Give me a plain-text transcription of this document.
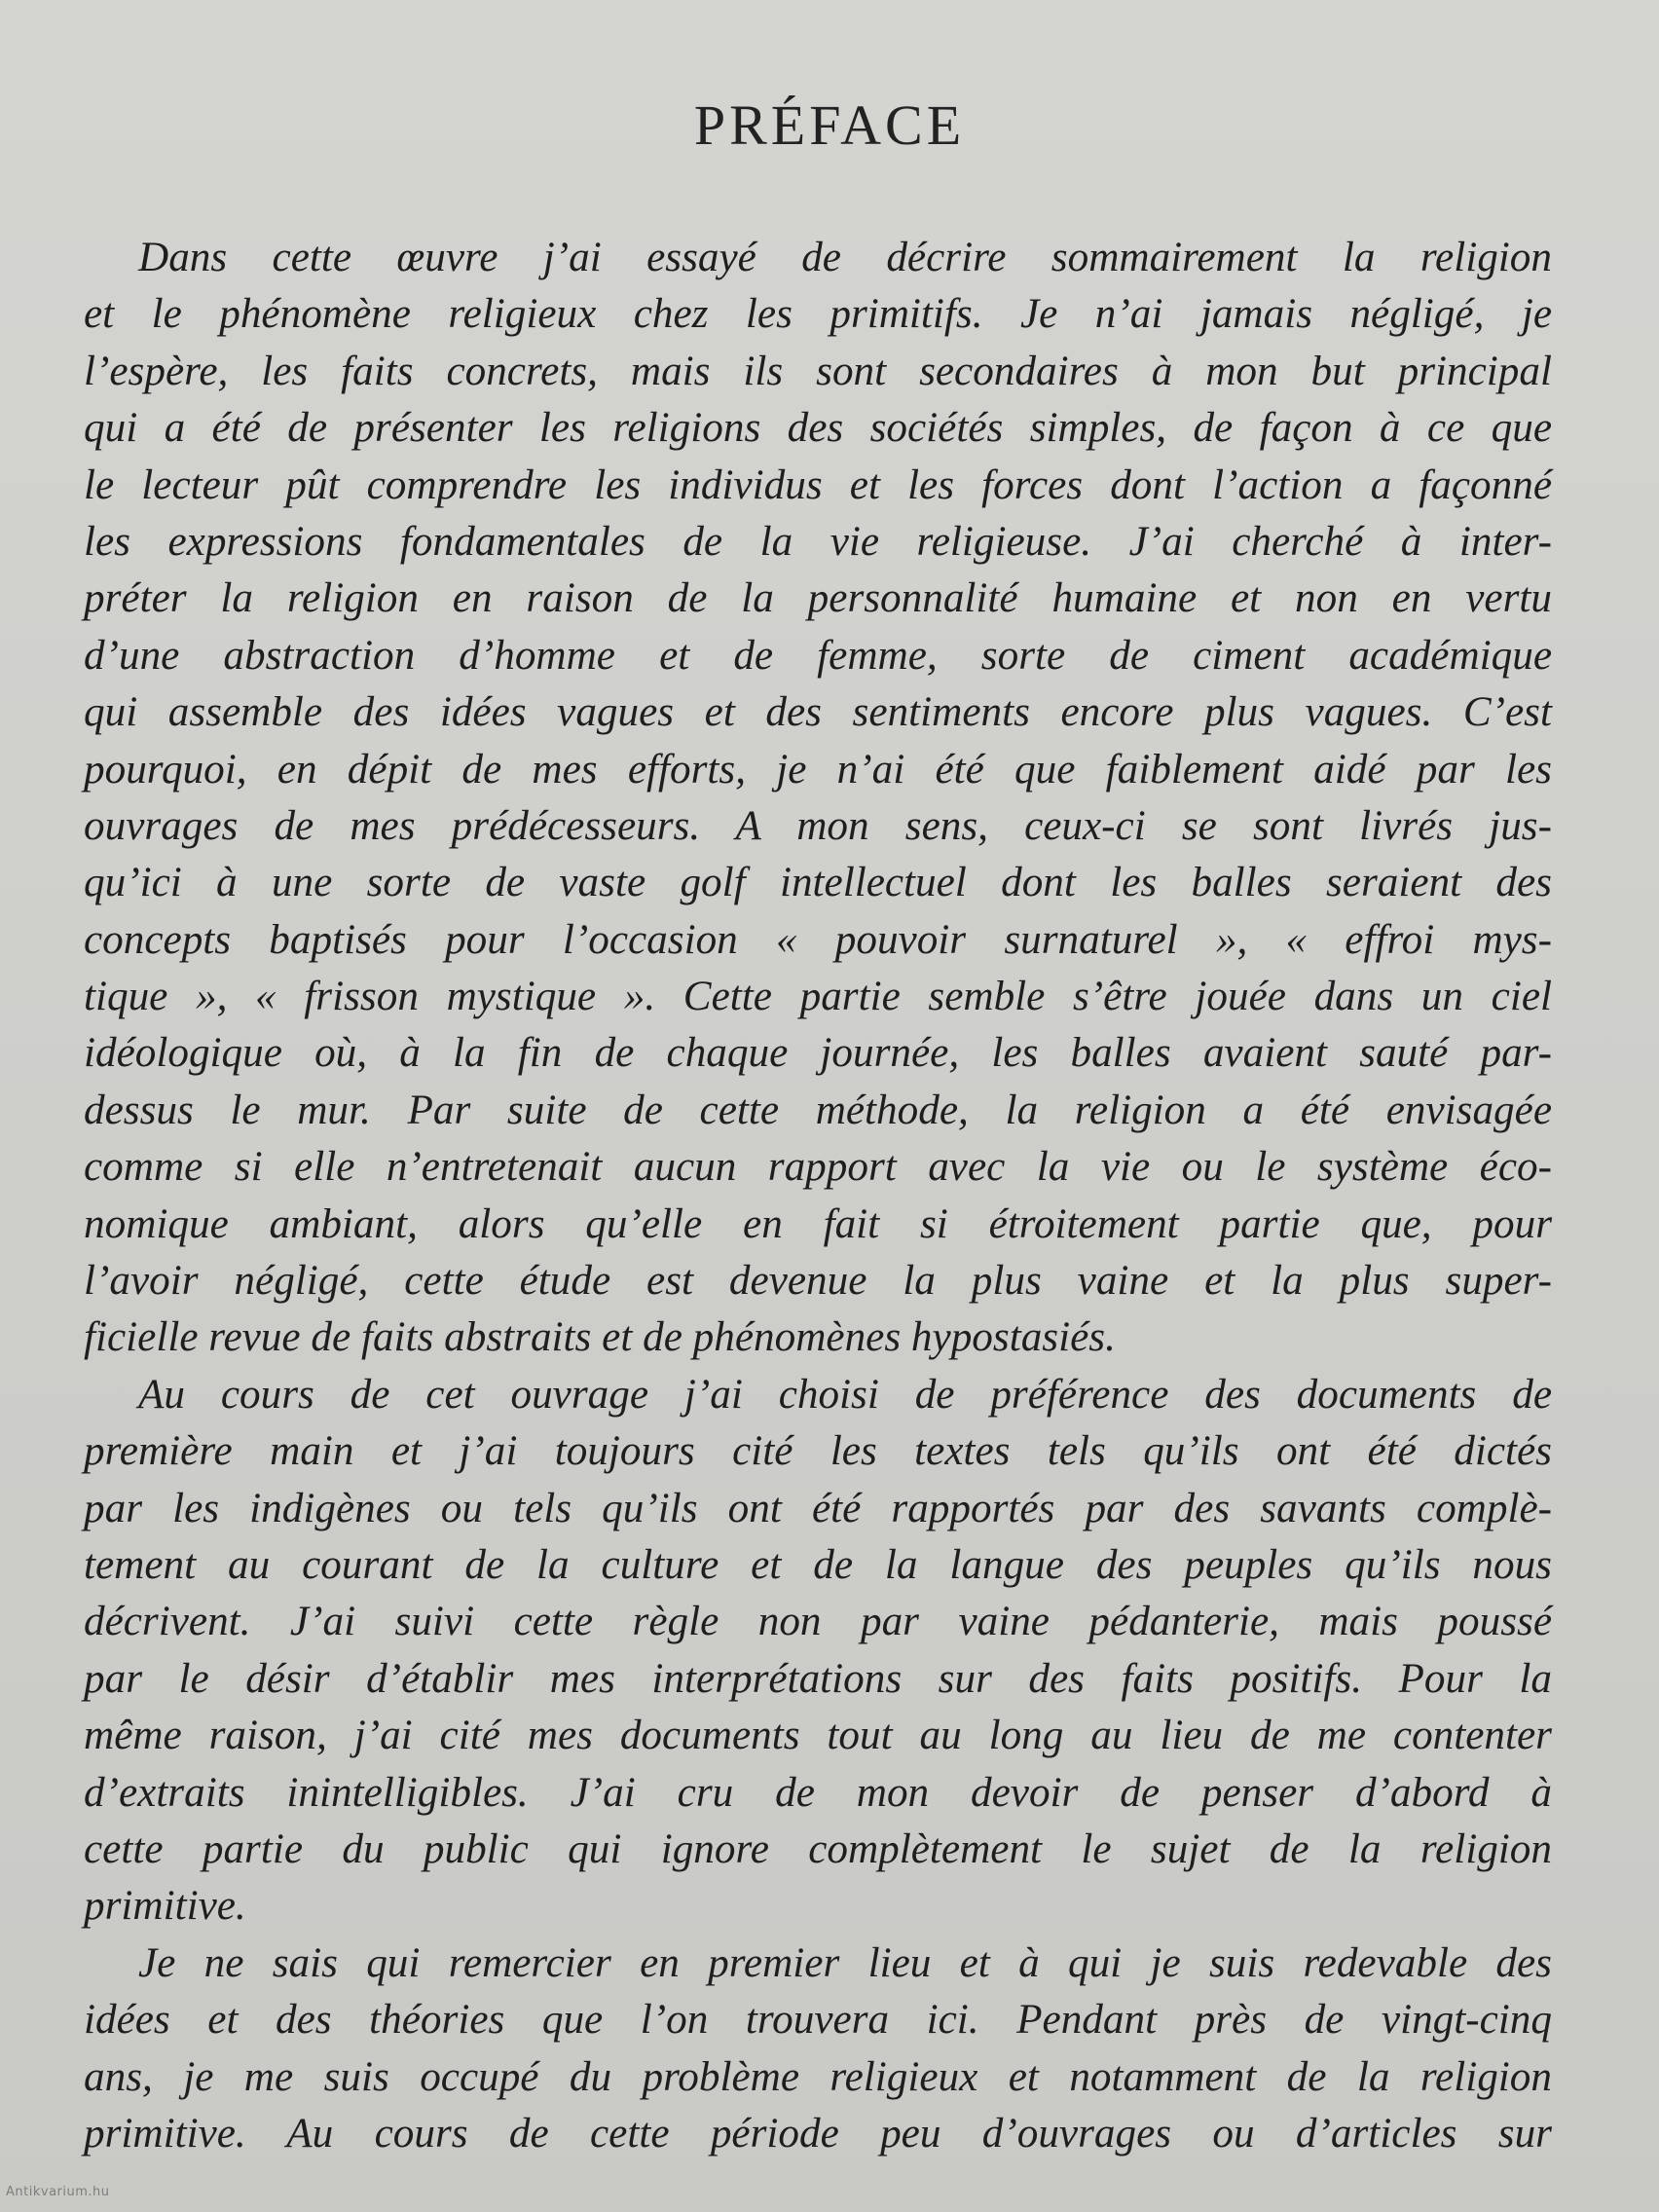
PRÉFACE
Dans cette œuvre j’ai essayé de décrire sommairement la religion
et le phénomène religieux chez les primitifs. Je n’ai jamais négligé, je
l’espère, les faits concrets, mais ils sont secondaires à mon but principal
qui a été de présenter les religions des sociétés simples, de façon à ce que
le lecteur pût comprendre les individus et les forces dont l’action a façonné
les expressions fondamentales de la vie religieuse. J’ai cherché à inter-
préter la religion en raison de la personnalité humaine et non en vertu
d’une abstraction d’homme et de femme, sorte de ciment académique
qui assemble des idées vagues et des sentiments encore plus vagues. C’est
pourquoi, en dépit de mes efforts, je n’ai été que faiblement aidé par les
ouvrages de mes prédécesseurs. A mon sens, ceux-ci se sont livrés jus-
qu’ici à une sorte de vaste golf intellectuel dont les balles seraient des
concepts baptisés pour l’occasion « pouvoir surnaturel », « effroi mys-
tique », « frisson mystique ». Cette partie semble s’être jouée dans un ciel
idéologique où, à la fin de chaque journée, les balles avaient sauté par-
dessus le mur. Par suite de cette méthode, la religion a été envisagée
comme si elle n’entretenait aucun rapport avec la vie ou le système éco-
nomique ambiant, alors qu’elle en fait si étroitement partie que, pour
l’avoir négligé, cette étude est devenue la plus vaine et la plus super-
ficielle revue de faits abstraits et de phénomènes hypostasiés.
Au cours de cet ouvrage j’ai choisi de préférence des documents de
première main et j’ai toujours cité les textes tels qu’ils ont été dictés
par les indigènes ou tels qu’ils ont été rapportés par des savants complè-
tement au courant de la culture et de la langue des peuples qu’ils nous
décrivent. J’ai suivi cette règle non par vaine pédanterie, mais poussé
par le désir d’établir mes interprétations sur des faits positifs. Pour la
même raison, j’ai cité mes documents tout au long au lieu de me contenter
d’extraits inintelligibles. J’ai cru de mon devoir de penser d’abord à
cette partie du public qui ignore complètement le sujet de la religion
primitive.
Je ne sais qui remercier en premier lieu et à qui je suis redevable des
idées et des théories que l’on trouvera ici. Pendant près de vingt-cinq
ans, je me suis occupé du problème religieux et notamment de la religion
primitive. Au cours de cette période peu d’ouvrages ou d’articles sur
Antikvarium.hu
